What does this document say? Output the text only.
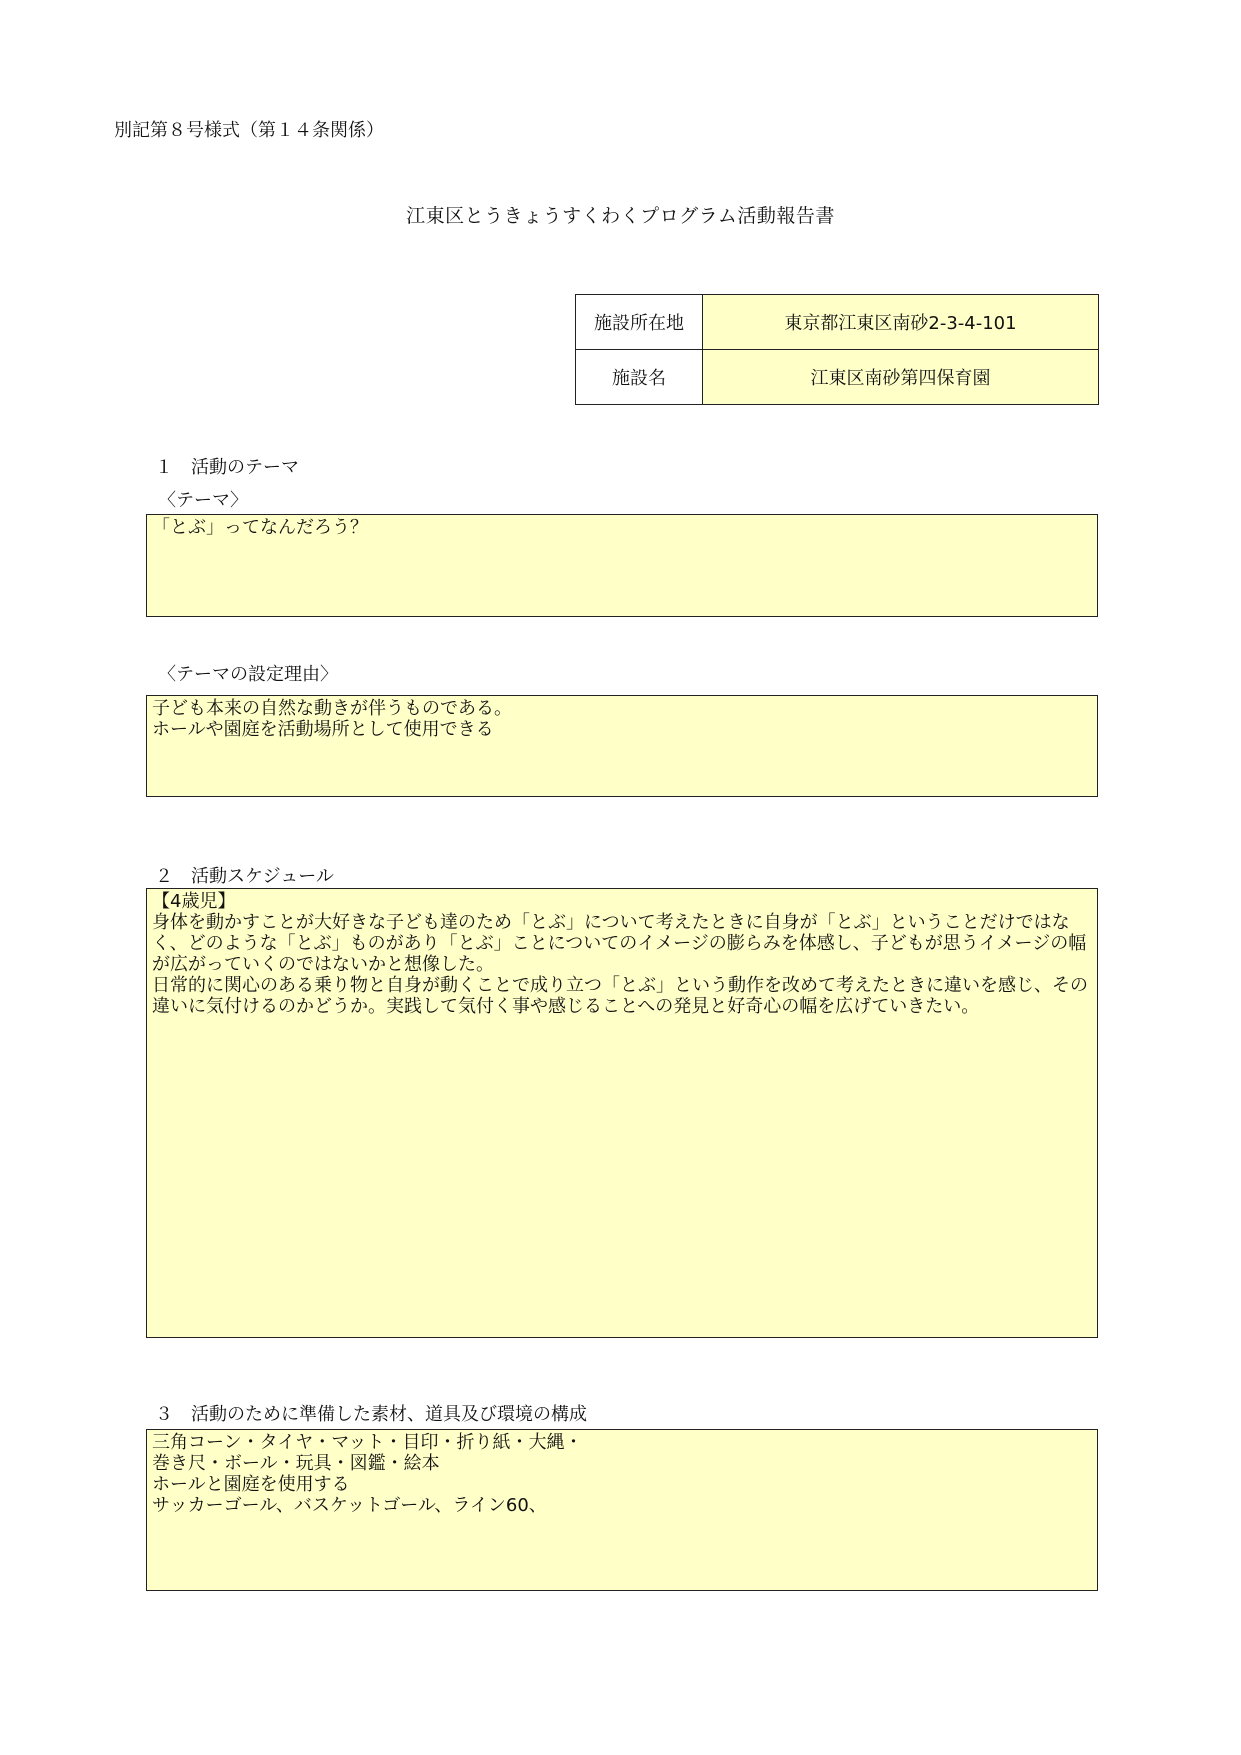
別記第８号様式（第１４条関係）
江東区とうきょうすくわくプログラム活動報告書
施設所在地	東京都江東区南砂2-3-4-101
施設名	江東区南砂第四保育園
１　活動のテーマ
〈テーマ〉
「とぶ」ってなんだろう？
〈テーマの設定理由〉
子ども本来の自然な動きが伴うものである。
ホールや園庭を活動場所として使用できる
２　活動スケジュール
【4歳児】
身体を動かすことが大好きな子ども達のため「とぶ」について考えたときに自身が「とぶ」ということだけではなく、どのような「とぶ」ものがあり「とぶ」ことについてのイメージの膨らみを体感し、子どもが思うイメージの幅が広がっていくのではないかと想像した。
日常的に関心のある乗り物と自身が動くことで成り立つ「とぶ」という動作を改めて考えたときに違いを感じ、その違いに気付けるのかどうか。実践して気付く事や感じることへの発見と好奇心の幅を広げていきたい。
３　活動のために準備した素材、道具及び環境の構成
三角コーン・タイヤ・マット・目印・折り紙・大縄・
巻き尺・ボール・玩具・図鑑・絵本
ホールと園庭を使用する
サッカーゴール、バスケットゴール、ライン60、
